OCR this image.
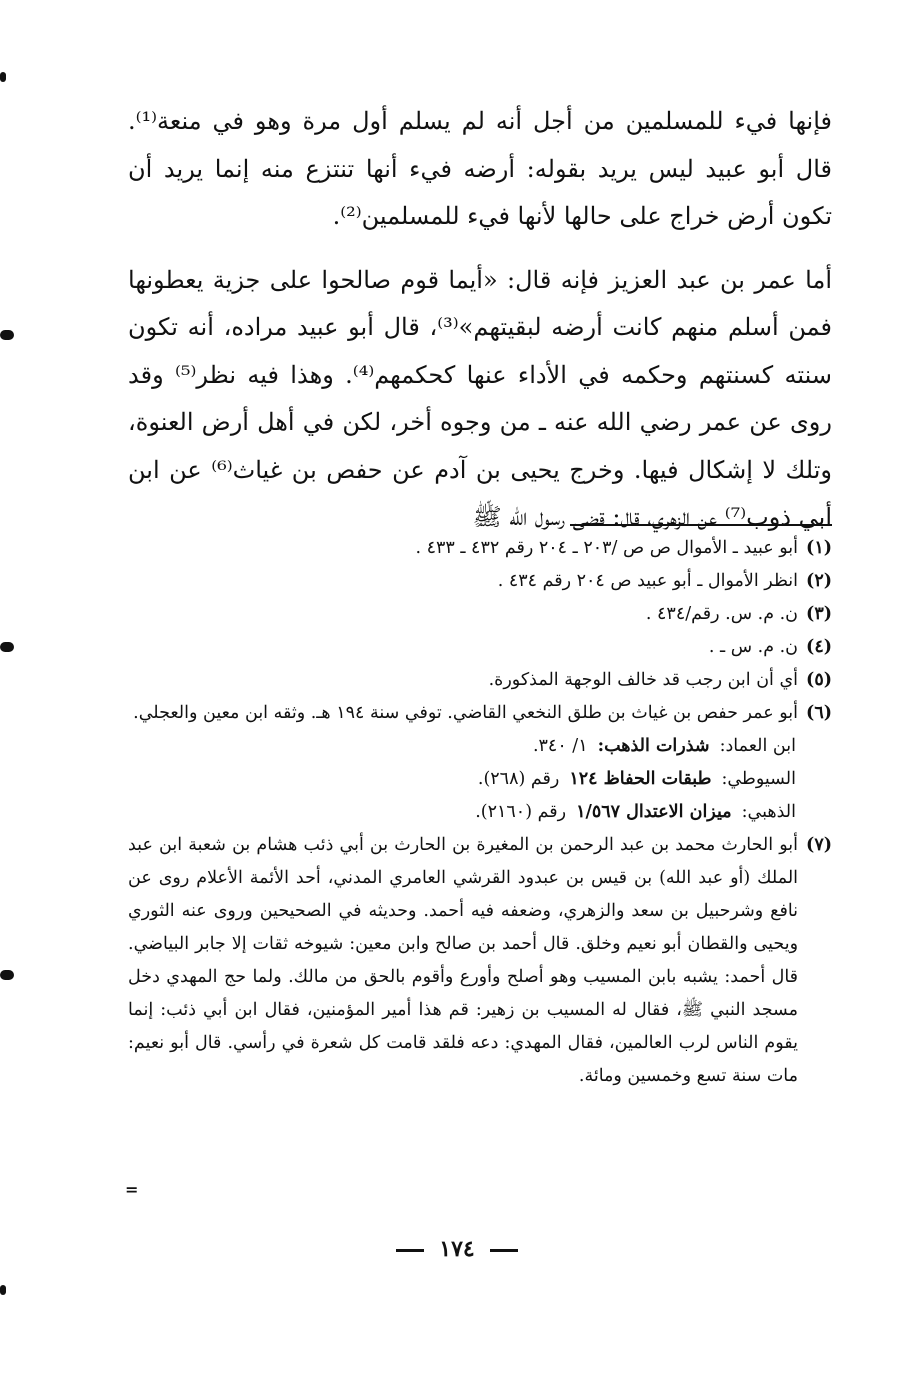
فإنها فيء للمسلمين من أجل أنه لم يسلم أول مرة وهو في منعة⁽¹⁾. قال أبو عبيد ليس يريد بقوله: أرضه فيء أنها تنتزع منه إنما يريد أن تكون أرض خراج على حالها لأنها فيء للمسلمين⁽²⁾.

أما عمر بن عبد العزيز فإنه قال: «أيما قوم صالحوا على جزية يعطونها فمن أسلم منهم كانت أرضه لبقيتهم»⁽³⁾، قال أبو عبيد مراده، أنه تكون سنته كسنتهم وحكمه في الأداء عنها كحكمهم⁽⁴⁾. وهذا فيه نظر⁽⁵⁾ وقد روى عن عمر رضي الله عنه ـ من وجوه أخر، لكن في أهل أرض العنوة، وتلك لا إشكال فيها. وخرج يحيى بن آدم عن حفص بن غياث⁽⁶⁾ عن ابن أبي ذوب⁽⁷⁾ عن الزهري، قال: قضى رسول الله ﷺ

(١)
أبو عبيد ـ الأموال ص ص /٢٠٣ ـ ٢٠٤ رقم ٤٣٢ ـ ٤٣٣ .
(٢)
انظر الأموال ـ أبو عبيد ص ٢٠٤ رقم ٤٣٤ .
(٣)
ن. م. س. رقم/٤٣٤ .
(٤)
ن. م. س ـ .
(٥)
أي أن ابن رجب قد خالف الوجهة المذكورة.
(٦)
أبو عمر حفص بن غياث بن طلق النخعي القاضي. توفي سنة ١٩٤ هـ. وثقه ابن معين والعجلي.
ابن العماد:
شذرات الذهب:
١/ ٣٤٠.
السيوطي:
طبقات الحفاظ ١٢٤
رقم (٢٦٨).
الذهبي:
ميزان الاعتدال ١/٥٦٧
رقم (٢١٦٠).
(٧)
أبو الحارث محمد بن عبد الرحمن بن المغيرة بن الحارث بن أبي ذئب هشام بن شعبة ابن عبد الملك (أو عبد الله) بن قيس بن عبدود القرشي العامري المدني، أحد الأئمة الأعلام روى عن نافع وشرحبيل بن سعد والزهري، وضعفه فيه أحمد. وحديثه في الصحيحين وروى عنه الثوري ويحيى والقطان أبو نعيم وخلق. قال أحمد بن صالح وابن معين: شيوخه ثقات إلا جابر البياضي. قال أحمد: يشبه بابن المسيب وهو أصلح وأورع وأقوم بالحق من مالك. ولما حج المهدي دخل مسجد النبي ﷺ، فقال له المسيب بن زهير: قم هذا أمير المؤمنين، فقال ابن أبي ذئب: إنما يقوم الناس لرب العالمين، فقال المهدي: دعه فلقد قامت كل شعرة في رأسي. قال أبو نعيم: مات سنة تسع وخمسين ومائة.
=
١٧٤
